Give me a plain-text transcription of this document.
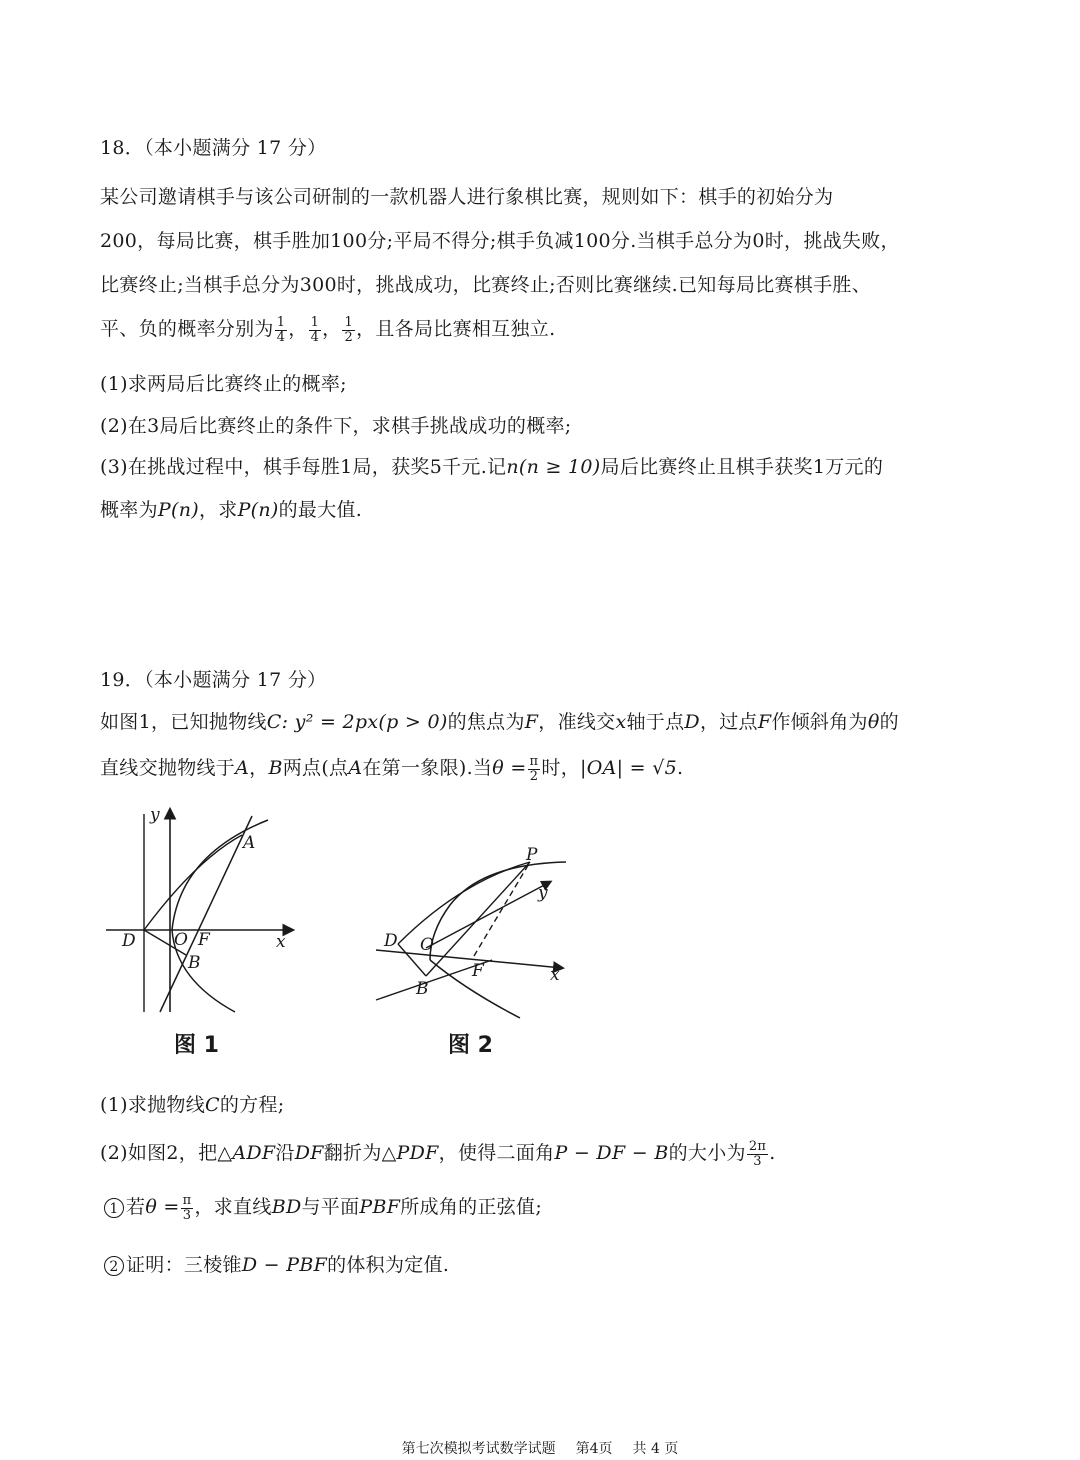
18．（本小题满分 17 分）
某公司邀请棋手与该公司研制的一款机器人进行象棋比赛，规则如下：棋手的初始分为
200，每局比赛，棋手胜加100分;平局不得分;棋手负减100分.当棋手总分为0时，挑战失败，
比赛终止;当棋手总分为300时，挑战成功，比赛终止;否则比赛继续.已知每局比赛棋手胜、
平、负的概率分别为 $\frac{1}{4}$ ， $\frac{1}{4}$ ， $\frac{1}{2}$ ，且各局比赛相互独立.
(1)求两局后比赛终止的概率;
(2)在3局后比赛终止的条件下，求棋手挑战成功的概率;
(3)在挑战过程中，棋手每胜1局，获奖5千元.记n(n ≥ 10)局后比赛终止且棋手获奖1万元的
概率为P(n)，求P(n)的最大值.
19．（本小题满分 17 分）
如图1，已知抛物线C: y² = 2px(p > 0)的焦点为F，准线交x轴于点D，过点F作倾斜角为θ的
直线交抛物线于A，B两点(点A在第一象限).当$\theta = \frac{\pi}{2}$ 时，|OA| = √5.
y
A
D O F	x
B
图 1
P
y
D O
F	x
B
图 2
(1)求抛物线C的方程;
(2)如图2，把△ADF沿DF翻折为△PDF，使得二面角P − DF − B的大小为 $\frac{2\pi}{3}$ .
1 若$\theta = \frac{\pi}{3}$ ，求直线BD与平面PBF所成角的正弦值;
2 证明：三棱锥D − PBF的体积为定值.
第七次模拟考试数学试题 第4页 共 4 页
